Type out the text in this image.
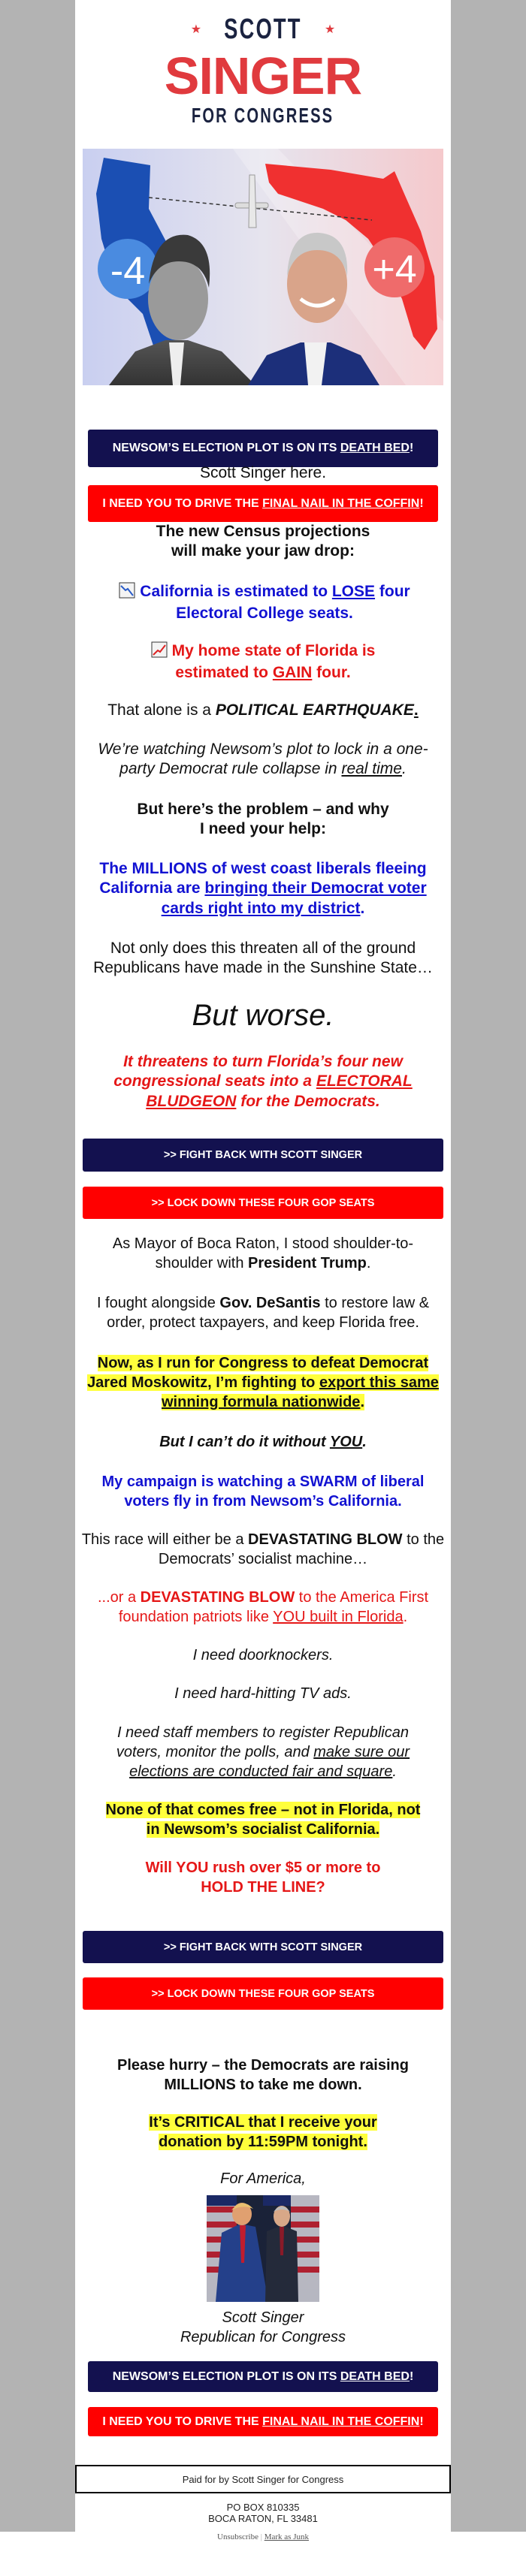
★ SCOTT ★
SINGER
FOR CONGRESS
-4	+4
NEWSOM’S ELECTION PLOT IS ON ITS DEATH BED!
I NEED YOU TO DRIVE THE FINAL NAIL IN THE COFFIN!
Scott Singer here.
The new Census projections
will make your jaw drop:
California is estimated to LOSE four Electoral College seats.
My home state of Florida is estimated to GAIN four.
That alone is a POLITICAL EARTHQUAKE.
We’re watching Newsom’s plot to lock in a one-party Democrat rule collapse in real time.
But here’s the problem – and why
I need your help:
The MILLIONS of west coast liberals fleeing California are bringing their Democrat voter cards right into my district.
Not only does this threaten all of the ground Republicans have made in the Sunshine State…
But worse.
It threatens to turn Florida’s four new congressional seats into a ELECTORAL BLUDGEON for the Democrats.
>> FIGHT BACK WITH SCOTT SINGER
>> LOCK DOWN THESE FOUR GOP SEATS
As Mayor of Boca Raton, I stood shoulder-to-shoulder with President Trump.
I fought alongside Gov. DeSantis to restore law & order, protect taxpayers, and keep Florida free.
Now, as I run for Congress to defeat Democrat Jared Moskowitz, I’m fighting to export this same winning formula nationwide.
But I can’t do it without YOU.
My campaign is watching a SWARM of liberal voters fly in from Newsom’s California.
This race will either be a DEVASTATING BLOW to the Democrats’ socialist machine…
...or a DEVASTATING BLOW to the America First foundation patriots like YOU built in Florida.
I need doorknockers.
I need hard-hitting TV ads.
I need staff members to register Republican voters, monitor the polls, and make sure our elections are conducted fair and square.
None of that comes free – not in Florida, not
in Newsom’s socialist California.
Will YOU rush over $5 or more to
HOLD THE LINE?
>> FIGHT BACK WITH SCOTT SINGER
>> LOCK DOWN THESE FOUR GOP SEATS
Please hurry – the Democrats are raising
MILLIONS to take me down.
It’s CRITICAL that I receive your
donation by 11:59PM tonight.
For America,
Scott Singer
Republican for Congress
NEWSOM’S ELECTION PLOT IS ON ITS DEATH BED!
I NEED YOU TO DRIVE THE FINAL NAIL IN THE COFFIN!
Paid for by Scott Singer for Congress
PO BOX 810335
BOCA RATON, FL 33481
Unsubscribe | Mark as Junk
